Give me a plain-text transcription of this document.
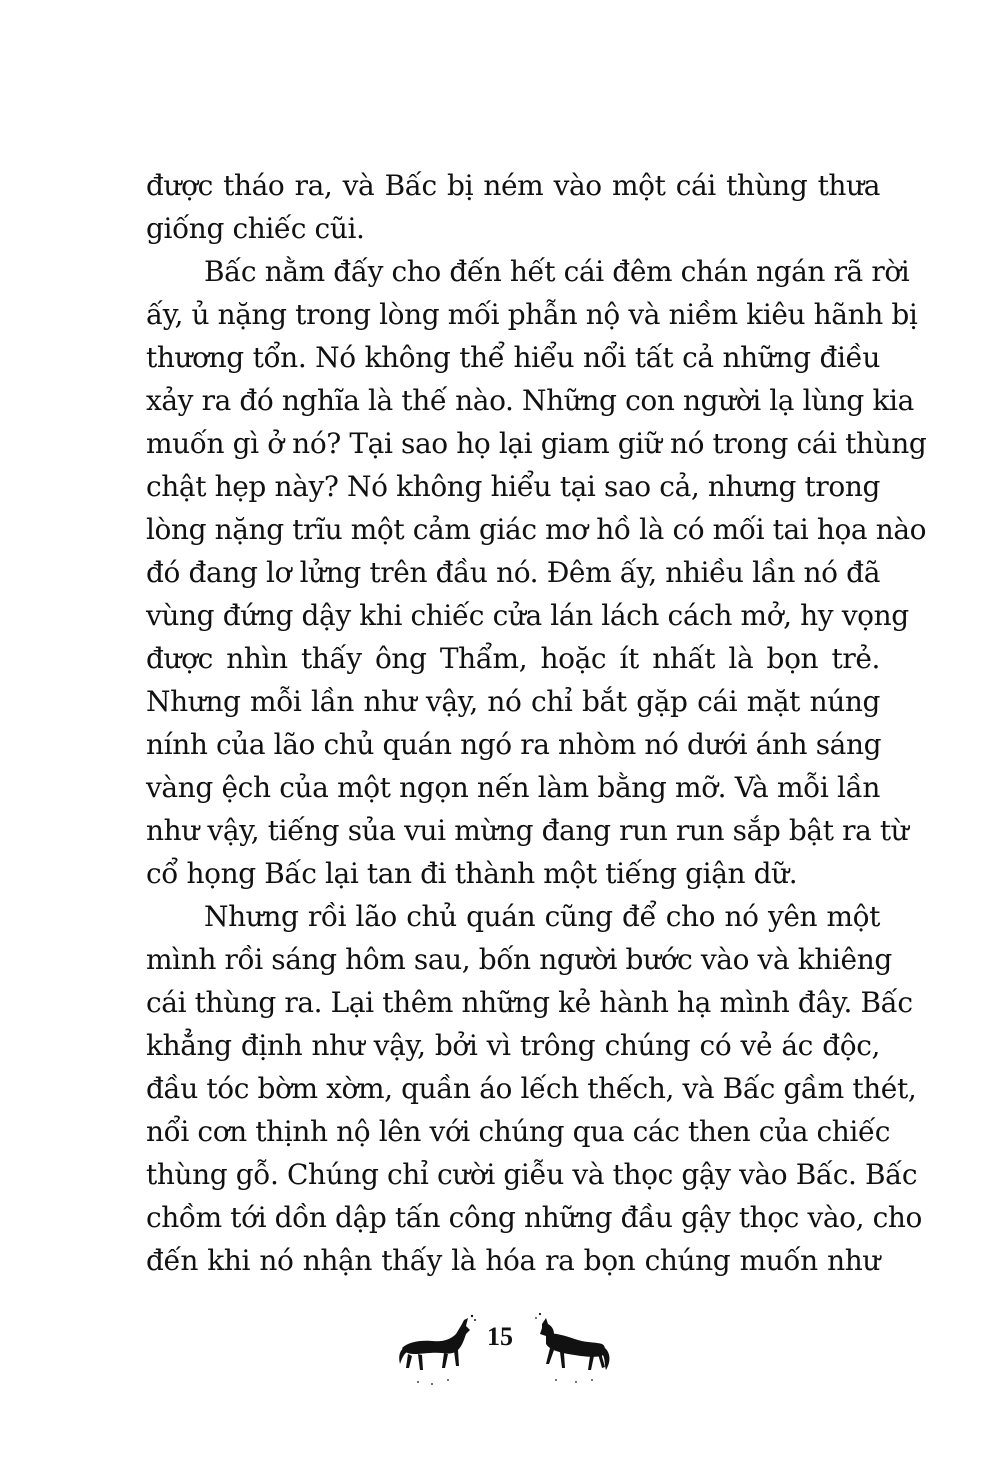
được tháo ra, và Bấc bị ném vào một cái thùng thưa
giống chiếc cũi.
Bấc nằm đấy cho đến hết cái đêm chán ngán rã rời
ấy, ủ nặng trong lòng mối phẫn nộ và niềm kiêu hãnh bị
thương tổn. Nó không thể hiểu nổi tất cả những điều
xảy ra đó nghĩa là thế nào. Những con người lạ lùng kia
muốn gì ở nó? Tại sao họ lại giam giữ nó trong cái thùng
chật hẹp này? Nó không hiểu tại sao cả, nhưng trong
lòng nặng trĩu một cảm giác mơ hồ là có mối tai họa nào
đó đang lơ lửng trên đầu nó. Đêm ấy, nhiều lần nó đã
vùng đứng dậy khi chiếc cửa lán lách cách mở, hy vọng
được nhìn thấy ông Thẩm, hoặc ít nhất là bọn trẻ.
Nhưng mỗi lần như vậy, nó chỉ bắt gặp cái mặt núng
nính của lão chủ quán ngó ra nhòm nó dưới ánh sáng
vàng ệch của một ngọn nến làm bằng mỡ. Và mỗi lần
như vậy, tiếng sủa vui mừng đang run run sắp bật ra từ
cổ họng Bấc lại tan đi thành một tiếng giận dữ.
Nhưng rồi lão chủ quán cũng để cho nó yên một
mình rồi sáng hôm sau, bốn người bước vào và khiêng
cái thùng ra. Lại thêm những kẻ hành hạ mình đây. Bấc
khẳng định như vậy, bởi vì trông chúng có vẻ ác độc,
đầu tóc bờm xờm, quần áo lếch thếch, và Bấc gầm thét,
nổi cơn thịnh nộ lên với chúng qua các then của chiếc
thùng gỗ. Chúng chỉ cười giễu và thọc gậy vào Bấc. Bấc
chồm tới dồn dập tấn công những đầu gậy thọc vào, cho
đến khi nó nhận thấy là hóa ra bọn chúng muốn như
15
